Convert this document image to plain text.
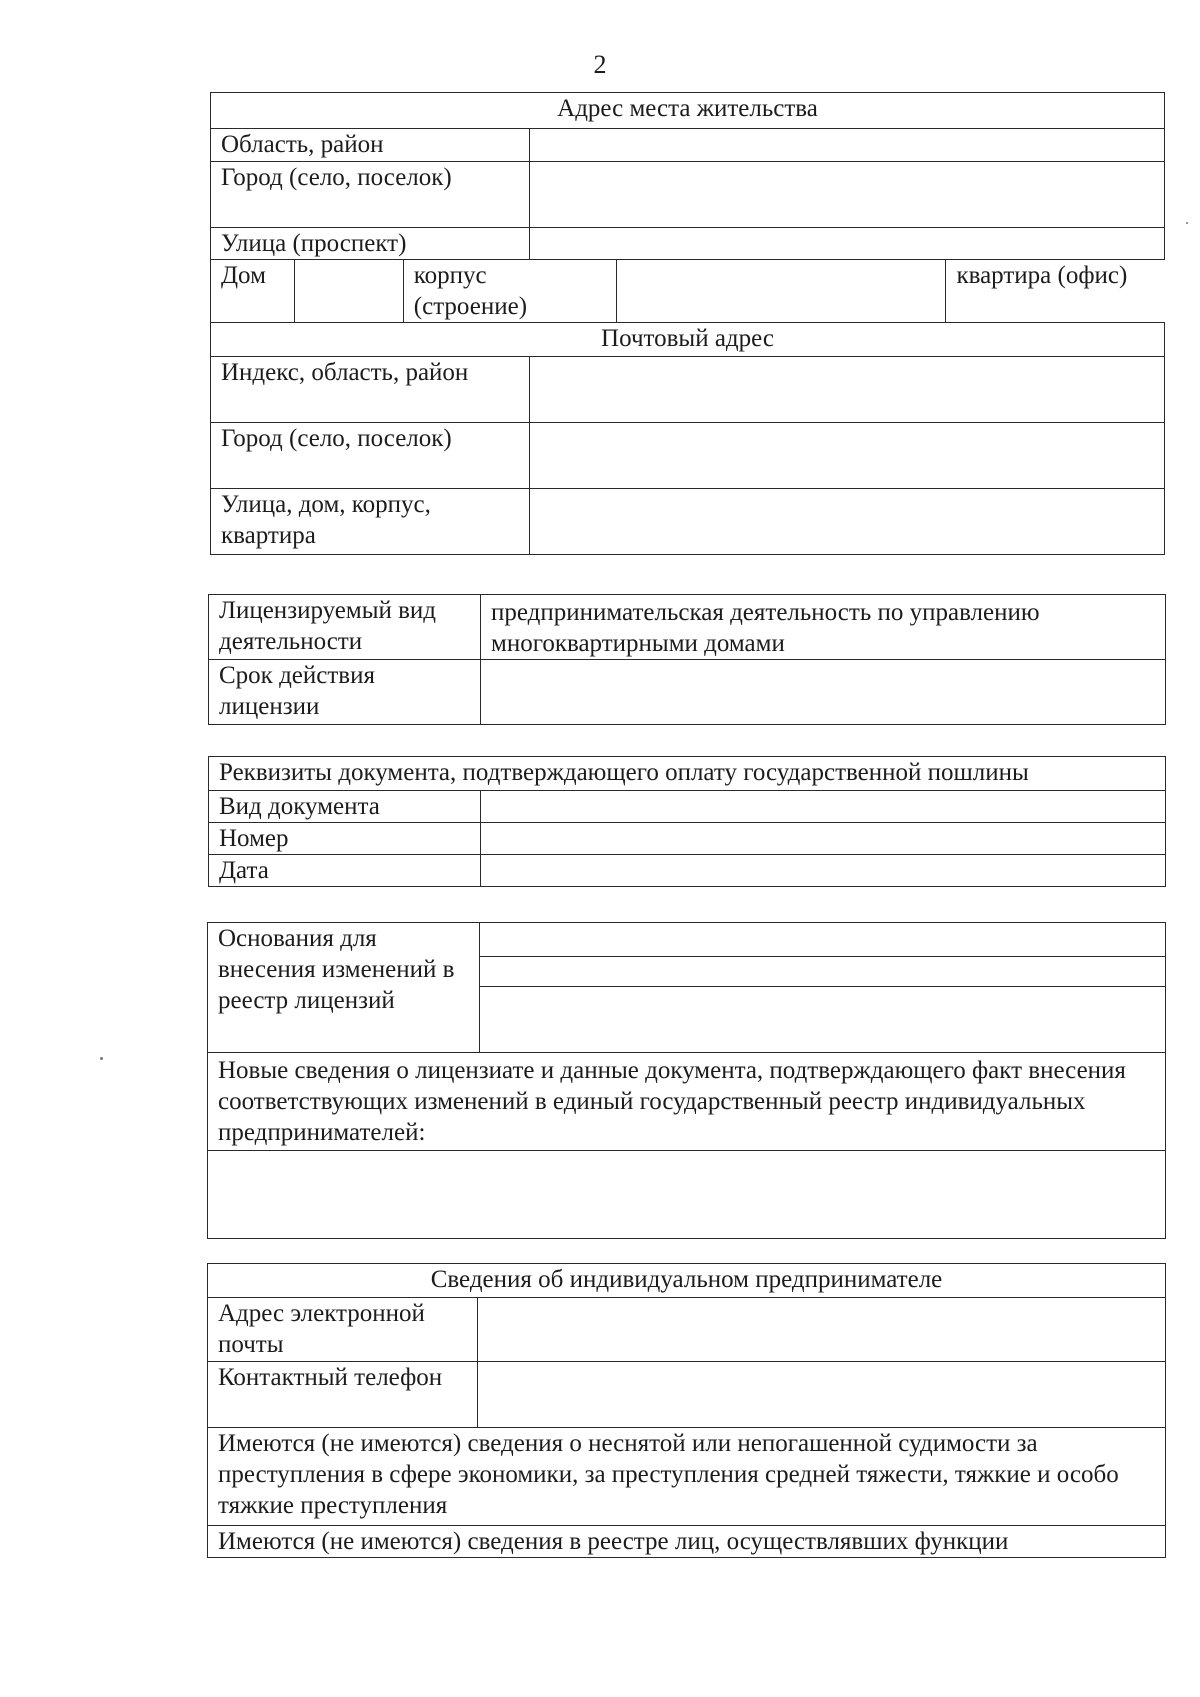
2
Адрес места жительства					
Область, район					
Город (село, поселок)					
Улица (проспект)					
Дом		корпус (строение)			квартира (офис)
Почтовый адрес					
Индекс, область, район					
Город (село, поселок)					
Улица, дом, корпус, квартира					
Лицензируемый вид деятельности	предпринимательская деятельность по управлению многоквартирными домами
Срок действия лицензии	
Реквизиты документа, подтверждающего оплату государственной пошлины	
Вид документа	
Номер	
Дата	
Основания для внесения изменений в реестр лицензий	

Новые сведения о лицензиате и данные документа, подтверждающего факт внесения соответствующих изменений в единый государственный реестр индивидуальных предпринимателей:

Сведения об индивидуальном предпринимателе	
Адрес электронной почты	
Контактный телефон	
Имеются (не имеются) сведения о неснятой или непогашенной судимости за преступления в сфере экономики, за преступления средней тяжести, тяжкие и особо тяжкие преступления	
Имеются (не имеются) сведения в реестре лиц, осуществлявших функции	
